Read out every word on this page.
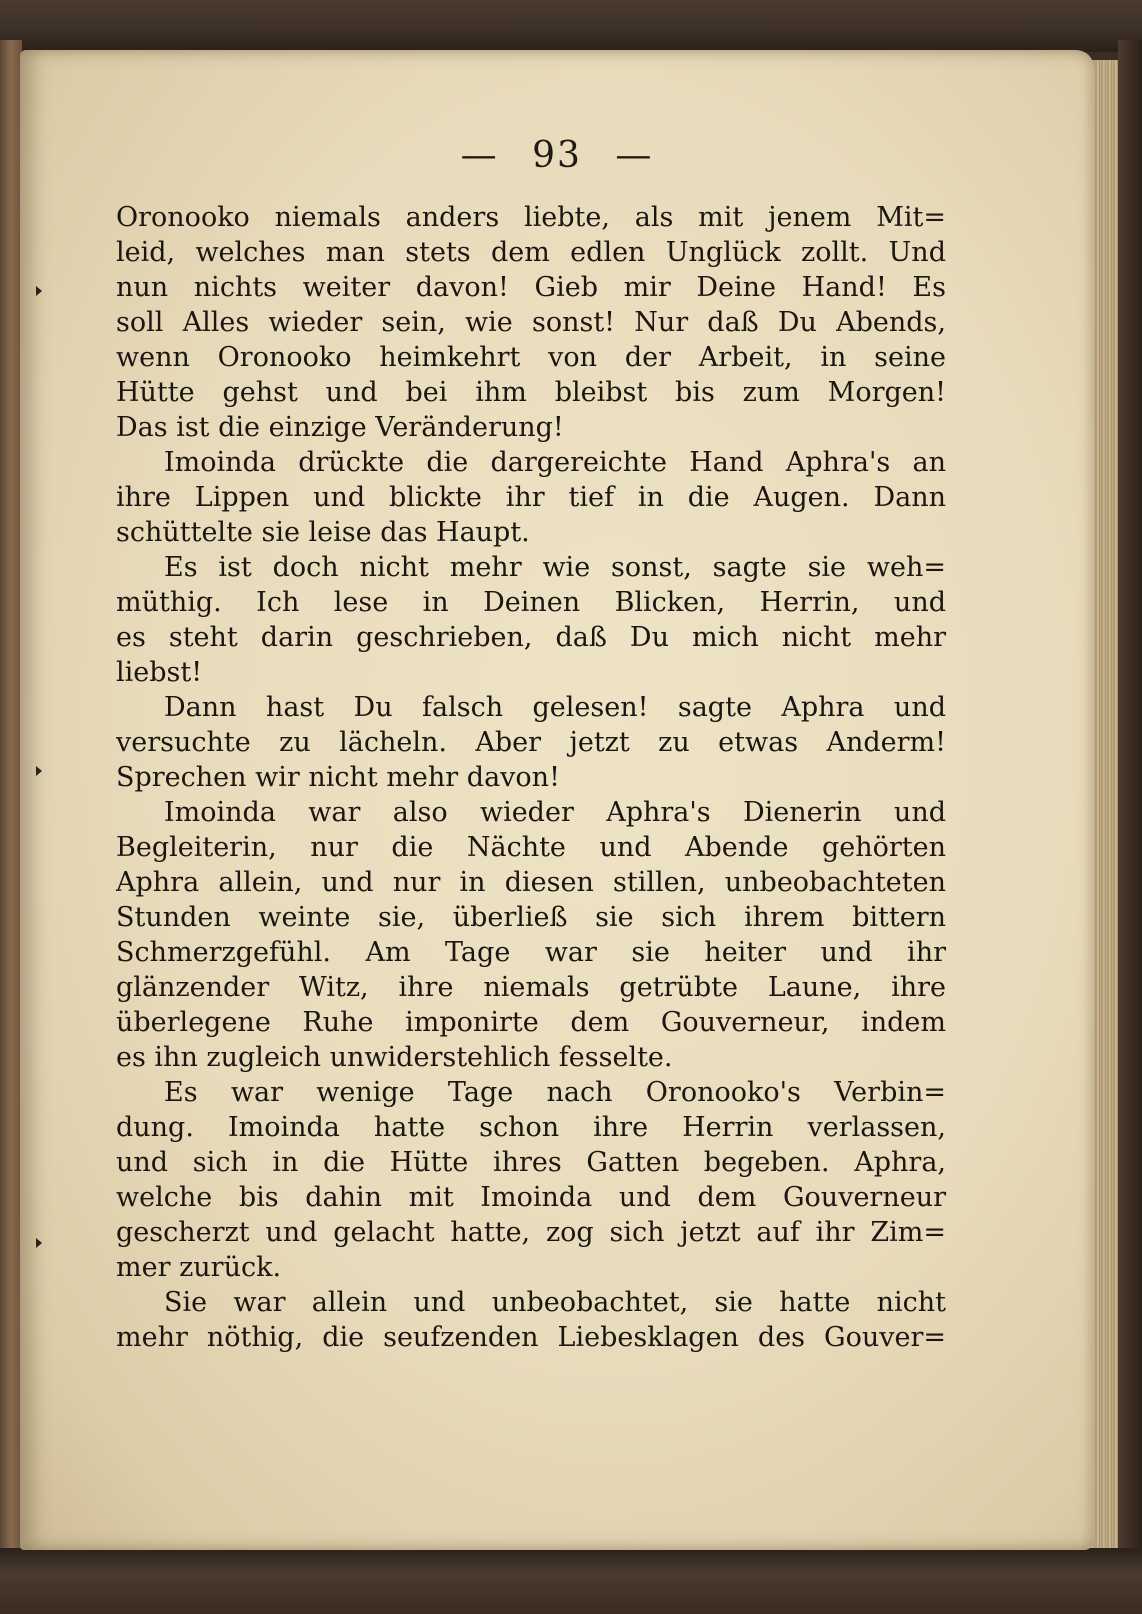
— 93 —
Oronooko niemals anders liebte, als mit jenem Mit=
leid, welches man stets dem edlen Unglück zollt. Und
nun nichts weiter davon! Gieb mir Deine Hand! Es
soll Alles wieder sein, wie sonst! Nur daß Du Abends,
wenn Oronooko heimkehrt von der Arbeit, in seine
Hütte gehst und bei ihm bleibst bis zum Morgen!
Das ist die einzige Veränderung!
Imoinda drückte die dargereichte Hand Aphra's an
ihre Lippen und blickte ihr tief in die Augen. Dann
schüttelte sie leise das Haupt.
Es ist doch nicht mehr wie sonst, sagte sie weh=
müthig. Ich lese in Deinen Blicken, Herrin, und
es steht darin geschrieben, daß Du mich nicht mehr
liebst!
Dann hast Du falsch gelesen! sagte Aphra und
versuchte zu lächeln. Aber jetzt zu etwas Anderm!
Sprechen wir nicht mehr davon!
Imoinda war also wieder Aphra's Dienerin und
Begleiterin, nur die Nächte und Abende gehörten
Aphra allein, und nur in diesen stillen, unbeobachteten
Stunden weinte sie, überließ sie sich ihrem bittern
Schmerzgefühl. Am Tage war sie heiter und ihr
glänzender Witz, ihre niemals getrübte Laune, ihre
überlegene Ruhe imponirte dem Gouverneur, indem
es ihn zugleich unwiderstehlich fesselte.
Es war wenige Tage nach Oronooko's Verbin=
dung. Imoinda hatte schon ihre Herrin verlassen,
und sich in die Hütte ihres Gatten begeben. Aphra,
welche bis dahin mit Imoinda und dem Gouverneur
gescherzt und gelacht hatte, zog sich jetzt auf ihr Zim=
mer zurück.
Sie war allein und unbeobachtet, sie hatte nicht
mehr nöthig, die seufzenden Liebesklagen des Gouver=
